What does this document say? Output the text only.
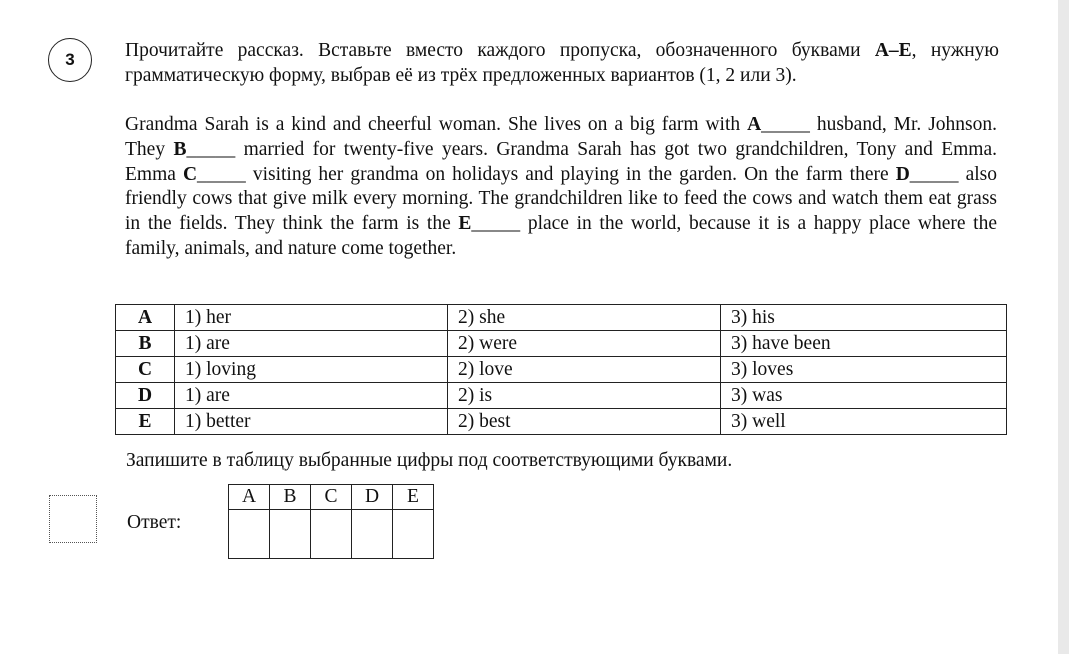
3	Прочитайте рассказ. Вставьте вместо каждого пропуска, обозначенного буквами A–E, нужную грамматическую форму, выбрав её из трёх предложенных вариантов (1, 2 или 3).
Grandma Sarah is a kind and cheerful woman. She lives on a big farm with A_____ husband, Mr. Johnson. They B_____ married for twenty-five years. Grandma Sarah has got two grandchildren, Tony and Emma. Emma C_____ visiting her grandma on holidays and playing in the garden. On the farm there D_____ also friendly cows that give milk every morning. The grandchildren like to feed the cows and watch them eat grass in the fields. They think the farm is the E_____ place in the world, because it is a happy place where the family, animals, and nature come together.
A	1) her	2) she	3) his
B	1) are	2) were	3) have been
C	1) loving	2) love	3) loves
D	1) are	2) is	3) was
E	1) better	2) best	3) well
Запишите в таблицу выбранные цифры под соответствующими буквами.
Ответ:
A	B	C	D	E
